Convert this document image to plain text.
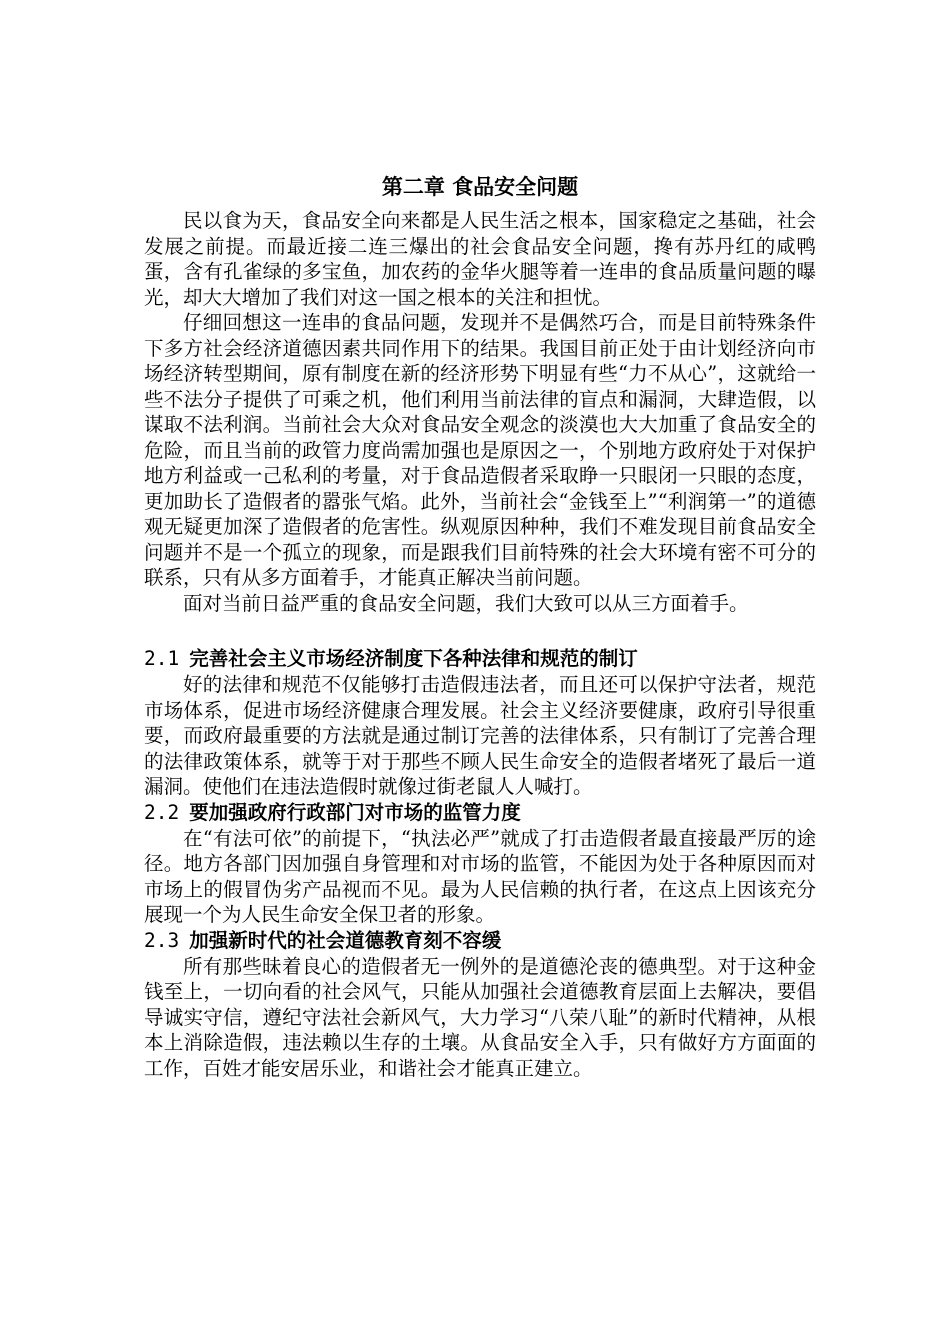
第二章 食品安全问题

民以食为天，食品安全向来都是人民生活之根本，国家稳定之基础，社会发展之前提。而最近接二连三爆出的社会食品安全问题，搀有苏丹红的咸鸭蛋，含有孔雀绿的多宝鱼，加农药的金华火腿等着一连串的食品质量问题的曝光，却大大增加了我们对这一国之根本的关注和担忧。

仔细回想这一连串的食品问题，发现并不是偶然巧合，而是目前特殊条件下多方社会经济道德因素共同作用下的结果。我国目前正处于由计划经济向市场经济转型期间，原有制度在新的经济形势下明显有些“力不从心”，这就给一些不法分子提供了可乘之机，他们利用当前法律的盲点和漏洞，大肆造假，以谋取不法利润。当前社会大众对食品安全观念的淡漠也大大加重了食品安全的危险，而且当前的政管力度尚需加强也是原因之一，个别地方政府处于对保护地方利益或一己私利的考量，对于食品造假者采取睁一只眼闭一只眼的态度，更加助长了造假者的嚣张气焰。此外，当前社会“金钱至上”“利润第一”的道德观无疑更加深了造假者的危害性。纵观原因种种，我们不难发现目前食品安全问题并不是一个孤立的现象，而是跟我们目前特殊的社会大环境有密不可分的联系，只有从多方面着手，才能真正解决当前问题。

面对当前日益严重的食品安全问题，我们大致可以从三方面着手。

2.1 完善社会主义市场经济制度下各种法律和规范的制订

好的法律和规范不仅能够打击造假违法者，而且还可以保护守法者，规范市场体系，促进市场经济健康合理发展。社会主义经济要健康，政府引导很重要，而政府最重要的方法就是通过制订完善的法律体系，只有制订了完善合理的法律政策体系，就等于对于那些不顾人民生命安全的造假者堵死了最后一道漏洞。使他们在违法造假时就像过街老鼠人人喊打。

2.2 要加强政府行政部门对市场的监管力度

在“有法可依”的前提下，“执法必严”就成了打击造假者最直接最严厉的途径。地方各部门因加强自身管理和对市场的监管，不能因为处于各种原因而对市场上的假冒伪劣产品视而不见。最为人民信赖的执行者，在这点上因该充分展现一个为人民生命安全保卫者的形象。

2.3 加强新时代的社会道德教育刻不容缓

所有那些昧着良心的造假者无一例外的是道德沦丧的德典型。对于这种金钱至上，一切向看的社会风气，只能从加强社会道德教育层面上去解决，要倡导诚实守信，遵纪守法社会新风气，大力学习“八荣八耻”的新时代精神，从根本上消除造假，违法赖以生存的土壤。从食品安全入手，只有做好方方面面的工作，百姓才能安居乐业，和谐社会才能真正建立。
